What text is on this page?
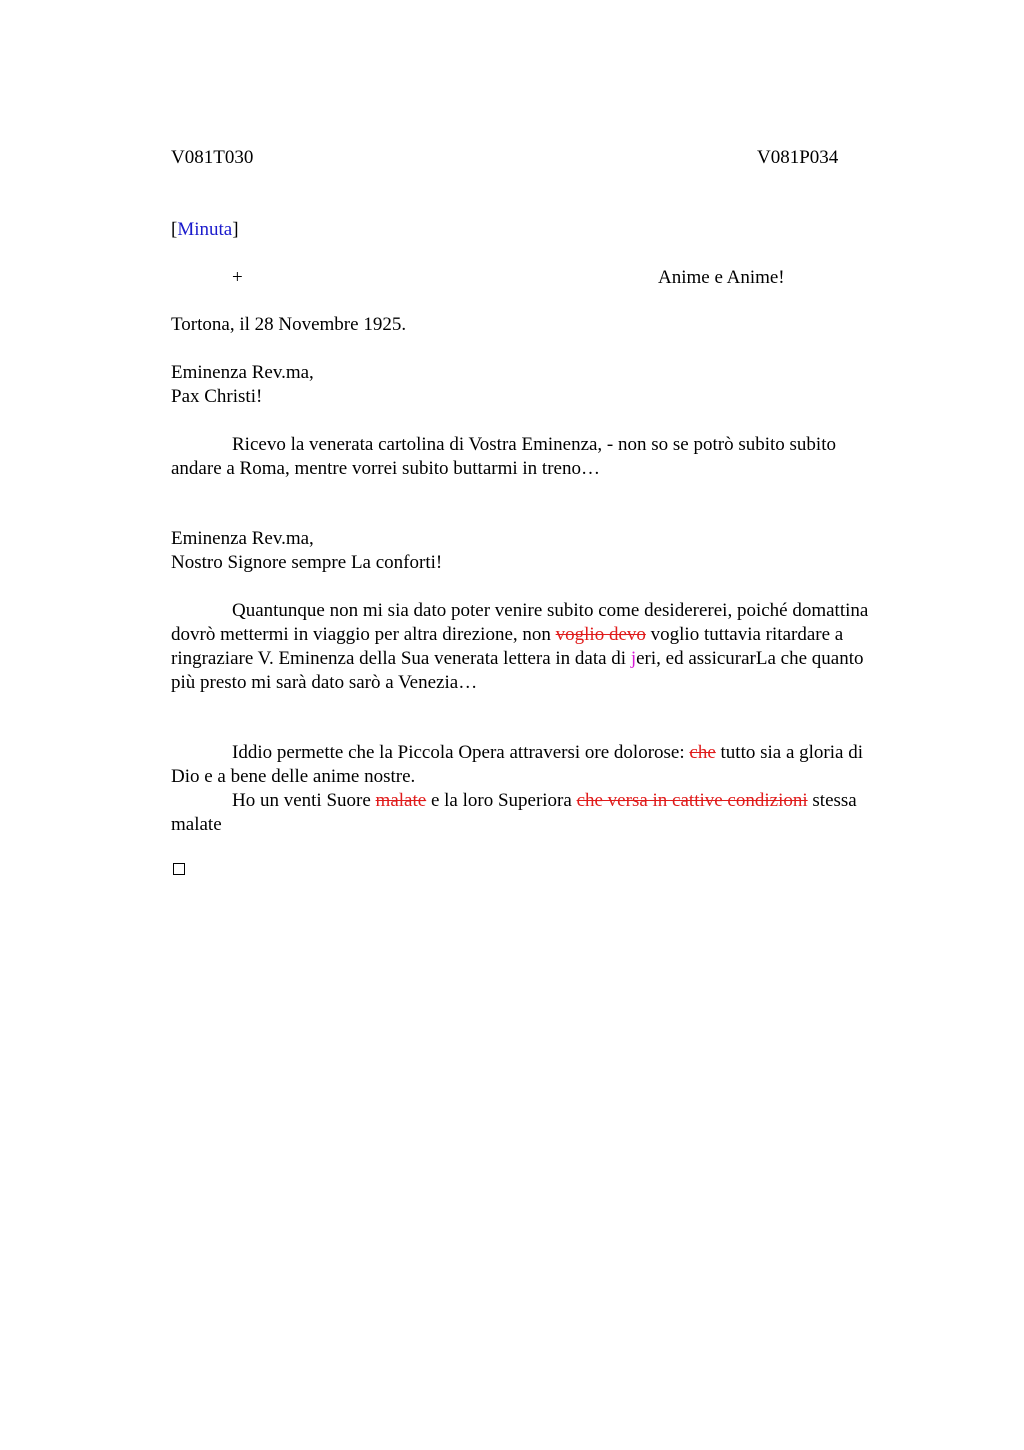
V081T030	V081P034
[Minuta]
+	Anime e Anime!
Tortona, il 28 Novembre 1925.
Eminenza Rev.ma,
Pax Christi!
Ricevo la venerata cartolina di Vostra Eminenza, - non so se potrò subito subito
andare a Roma, mentre vorrei subito buttarmi in treno…
Eminenza Rev.ma,
Nostro Signore sempre La conforti!
Quantunque non mi sia dato poter venire subito come desidererei, poiché domattina
dovrò mettermi in viaggio per altra direzione, non voglio devo voglio tuttavia ritardare a
ringraziare V. Eminenza della Sua venerata lettera in data di jeri, ed assicurarLa che quanto
più presto mi sarà dato sarò a Venezia…
Iddio permette che la Piccola Opera attraversi ore dolorose: che tutto sia a gloria di
Dio e a bene delle anime nostre.
Ho un venti Suore malate e la loro Superiora che versa in cattive condizioni stessa
malate
